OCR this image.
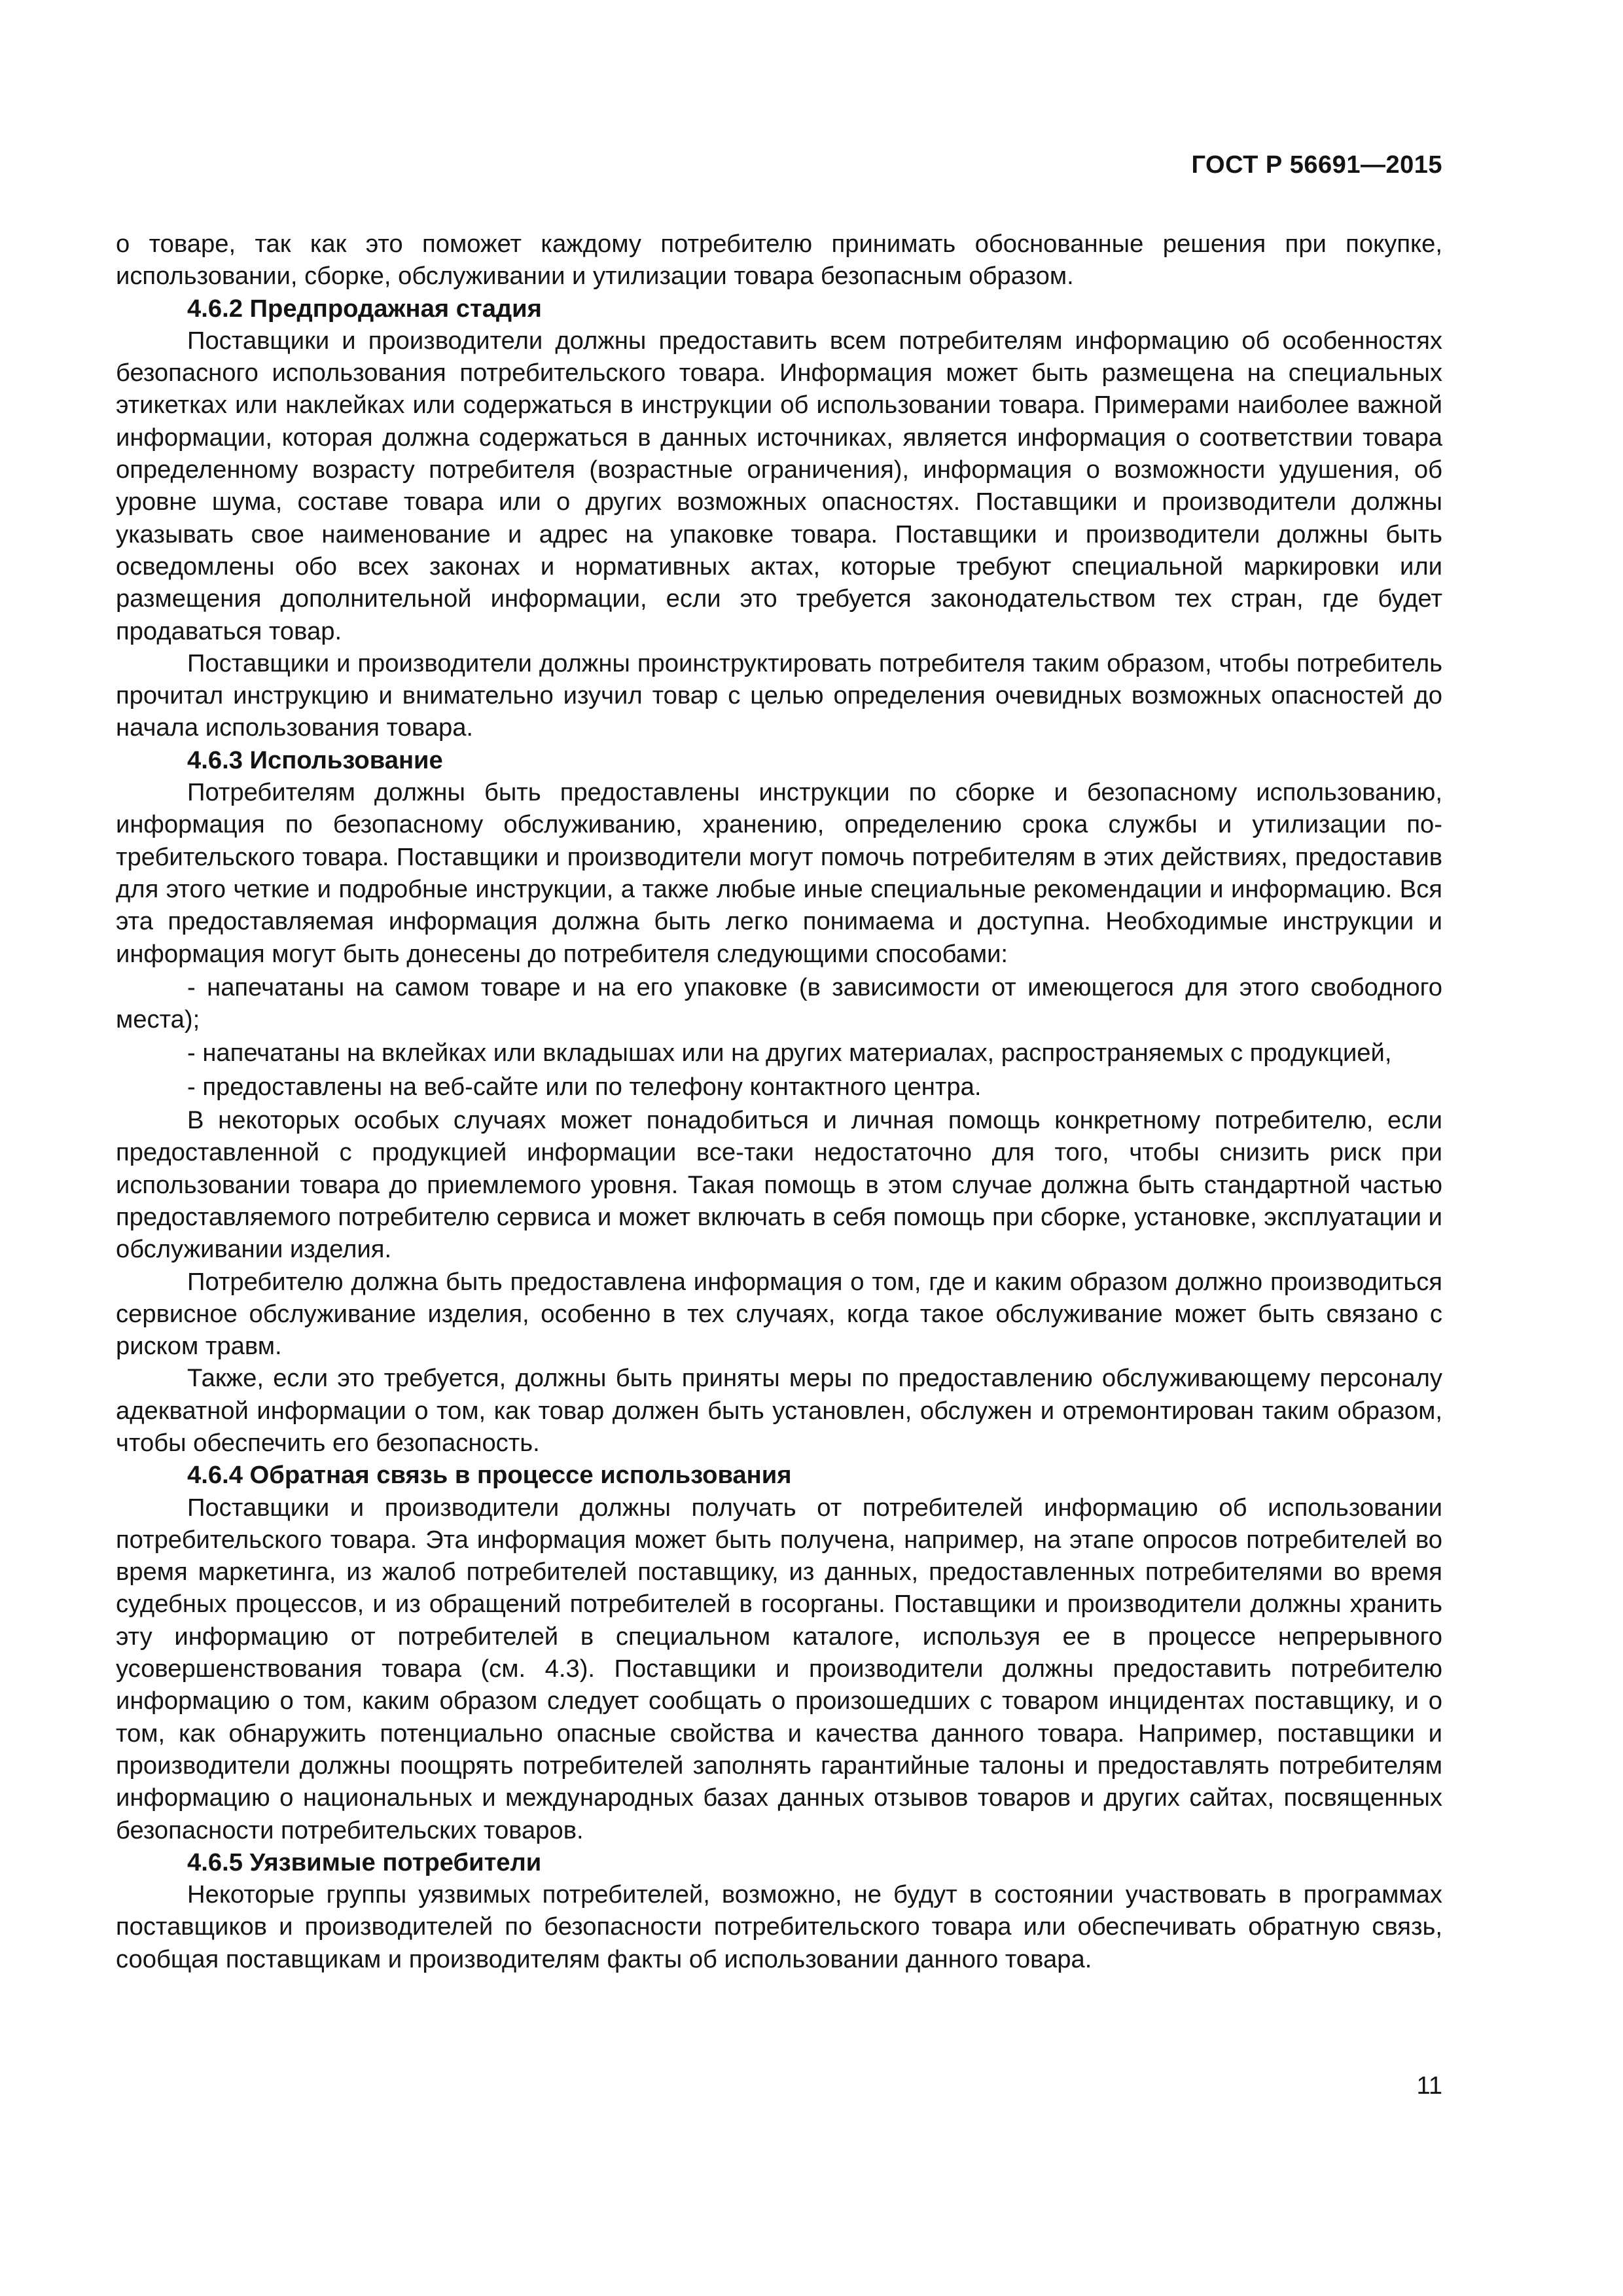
ГОСТ Р 56691—2015

о товаре, так как это поможет каждому потребителю принимать обоснованные решения при покупке, использовании, сборке, обслуживании и утилизации товара безопасным образом.

4.6.2 Предпродажная стадия

Поставщики и производители должны предоставить всем потребителям информацию об особенностях безопасного использования потребительского товара. Информация может быть размещена на специальных этикетках или наклейках или содержаться в инструкции об использовании товара. Примерами наиболее важной информации, которая должна содержаться в данных источниках, является информация о соответствии товара определенному возрасту потребителя (возрастные ограничения), информация о возможности удушения, об уровне шума, составе товара или о других возможных опасностях. Поставщики и производители должны указывать свое наименование и адрес на упаковке товара. Поставщики и производители должны быть осведомлены обо всех законах и нормативных актах, которые требуют специальной маркировки или размещения дополнительной информации, если это требуется законодательством тех стран, где будет продаваться товар.

Поставщики и производители должны проинструктировать потребителя таким образом, чтобы потребитель прочитал инструкцию и внимательно изучил товар с целью определения очевидных возможных опасностей до начала использования товара.

4.6.3 Использование

Потребителям должны быть предоставлены инструкции по сборке и безопасному использованию, информация по безопасному обслуживанию, хранению, определению срока службы и утилизации потребительского товара. Поставщики и производители могут помочь потребителям в этих действиях, предоставив для этого четкие и подробные инструкции, а также любые иные специальные рекомендации и информацию. Вся эта предоставляемая информация должна быть легко понимаема и доступна. Необходимые инструкции и информация могут быть донесены до потребителя следующими способами:

- напечатаны на самом товаре и на его упаковке (в зависимости от имеющегося для этого свободного места);

- напечатаны на вклейках или вкладышах или на других материалах, распространяемых с продукцией,

- предоставлены на веб-сайте или по телефону контактного центра.

В некоторых особых случаях может понадобиться и личная помощь конкретному потребителю, если предоставленной с продукцией информации все-таки недостаточно для того, чтобы снизить риск при использовании товара до приемлемого уровня. Такая помощь в этом случае должна быть стандартной частью предоставляемого потребителю сервиса и может включать в себя помощь при сборке, установке, эксплуатации и обслуживании изделия.

Потребителю должна быть предоставлена информация о том, где и каким образом должно производиться сервисное обслуживание изделия, особенно в тех случаях, когда такое обслуживание может быть связано с риском травм.

Также, если это требуется, должны быть приняты меры по предоставлению обслуживающему персоналу адекватной информации о том, как товар должен быть установлен, обслужен и отремонтирован таким образом, чтобы обеспечить его безопасность.

4.6.4 Обратная связь в процессе использования

Поставщики и производители должны получать от потребителей информацию об использовании потребительского товара. Эта информация может быть получена, например, на этапе опросов потребителей во время маркетинга, из жалоб потребителей поставщику, из данных, предоставленных потребителями во время судебных процессов, и из обращений потребителей в госорганы. Поставщики и производители должны хранить эту информацию от потребителей в специальном каталоге, используя ее в процессе непрерывного усовершенствования товара (см. 4.3). Поставщики и производители должны предоставить потребителю информацию о том, каким образом следует сообщать о произошедших с товаром инцидентах поставщику, и о том, как обнаружить потенциально опасные свойства и качества данного товара. Например, поставщики и производители должны поощрять потребителей заполнять гарантийные талоны и предоставлять потребителям информацию о национальных и международных базах данных отзывов товаров и других сайтах, посвященных безопасности потребительских товаров.

4.6.5 Уязвимые потребители

Некоторые группы уязвимых потребителей, возможно, не будут в состоянии участвовать в программах поставщиков и производителей по безопасности потребительского товара или обеспечивать обратную связь, сообщая поставщикам и производителям факты об использовании данного товара.

11
